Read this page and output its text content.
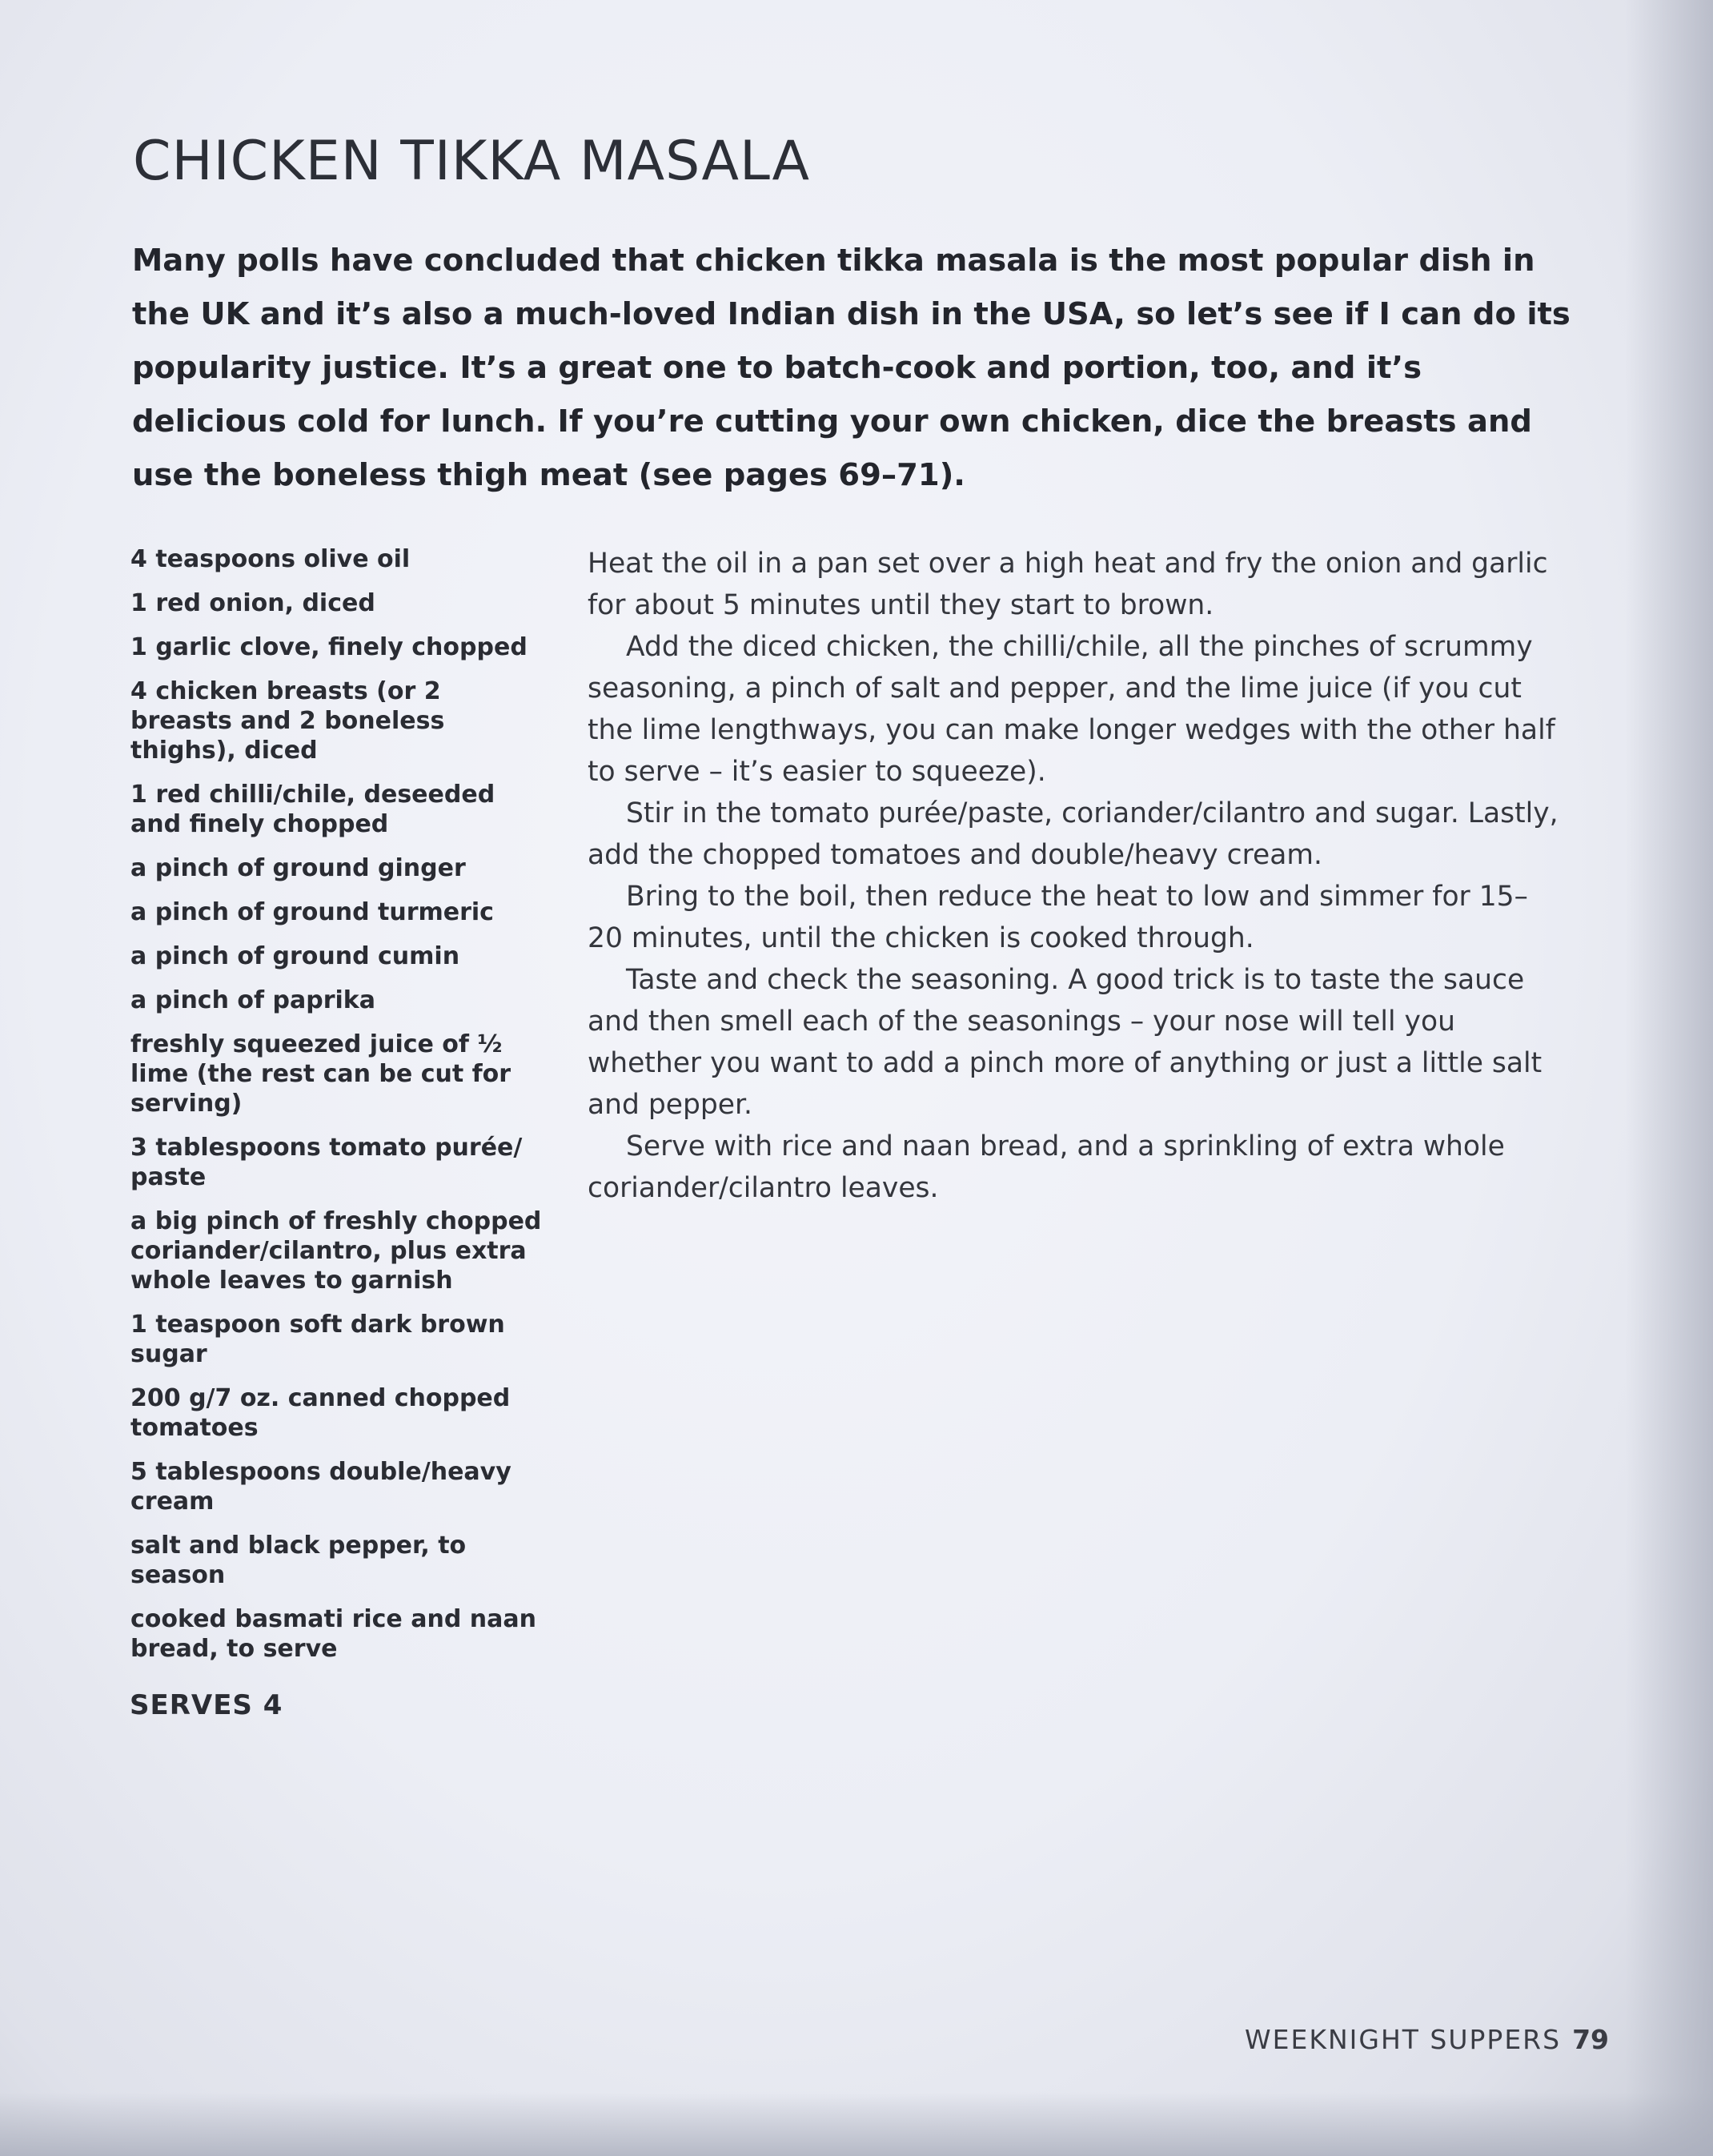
CHICKEN TIKKA MASALA

Many polls have concluded that chicken tikka masala is the most popular dish in the UK and it’s also a much-loved Indian dish in the USA, so let’s see if I can do its popularity justice. It’s a great one to batch-cook and portion, too, and it’s delicious cold for lunch. If you’re cutting your own chicken, dice the breasts and use the boneless thigh meat (see pages 69–71).

4 teaspoons olive oil
1 red onion, diced
1 garlic clove, finely chopped
4 chicken breasts (or 2 breasts and 2 boneless thighs), diced
1 red chilli/chile, deseeded and finely chopped
a pinch of ground ginger
a pinch of ground turmeric
a pinch of ground cumin
a pinch of paprika
freshly squeezed juice of ½ lime (the rest can be cut for serving)
3 tablespoons tomato purée/ paste
a big pinch of freshly chopped coriander/cilantro, plus extra whole leaves to garnish
1 teaspoon soft dark brown sugar
200 g/7 oz. canned chopped tomatoes
5 tablespoons double/heavy cream
salt and black pepper, to season
cooked basmati rice and naan bread, to serve
SERVES 4

Heat the oil in a pan set over a high heat and fry the onion and garlic for about 5 minutes until they start to brown.

Add the diced chicken, the chilli/chile, all the pinches of scrummy seasoning, a pinch of salt and pepper, and the lime juice (if you cut the lime lengthways, you can make longer wedges with the other half to serve – it’s easier to squeeze).

Stir in the tomato purée/paste, coriander/cilantro and sugar. Lastly, add the chopped tomatoes and double/heavy cream.

Bring to the boil, then reduce the heat to low and simmer for 15–20 minutes, until the chicken is cooked through.

Taste and check the seasoning. A good trick is to taste the sauce and then smell each of the seasonings – your nose will tell you whether you want to add a pinch more of anything or just a little salt and pepper.

Serve with rice and naan bread, and a sprinkling of extra whole coriander/cilantro leaves.

WEEKNIGHT SUPPERS 79
